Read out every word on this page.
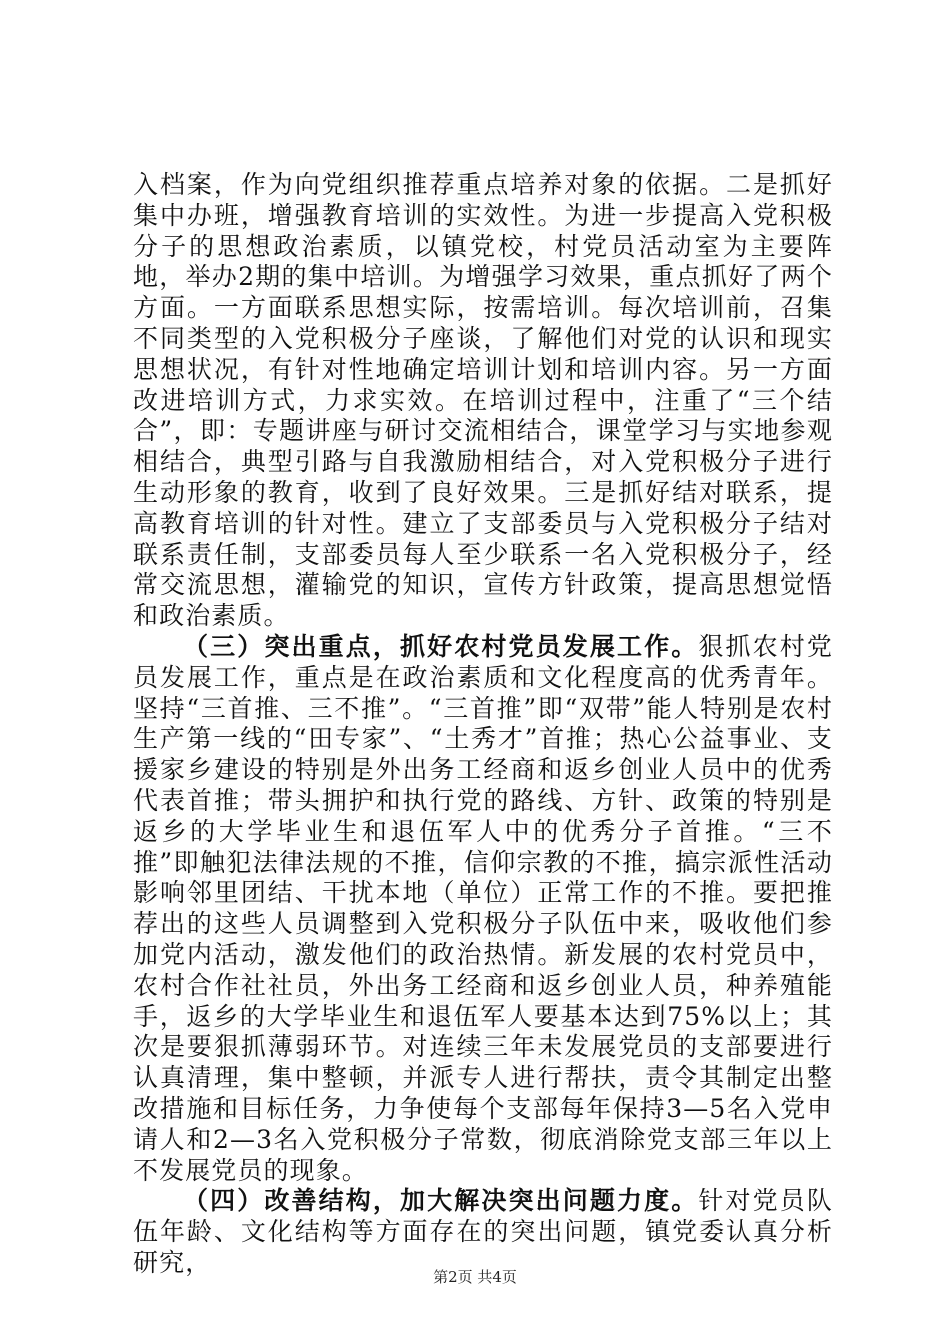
入档案，作为向党组织推荐重点培养对象的依据。二是抓好集中办班，增强教育培训的实效性。为进一步提高入党积极分子的思想政治素质，以镇党校，村党员活动室为主要阵地，举办2期的集中培训。为增强学习效果，重点抓好了两个方面。一方面联系思想实际，按需培训。每次培训前，召集不同类型的入党积极分子座谈，了解他们对党的认识和现实思想状况，有针对性地确定培训计划和培训内容。另一方面改进培训方式，力求实效。在培训过程中，注重了“三个结合”，即：专题讲座与研讨交流相结合，课堂学习与实地参观相结合，典型引路与自我激励相结合，对入党积极分子进行生动形象的教育，收到了良好效果。三是抓好结对联系，提高教育培训的针对性。建立了支部委员与入党积极分子结对联系责任制，支部委员每人至少联系一名入党积极分子，经常交流思想，灌输党的知识，宣传方针政策，提高思想觉悟和政治素质。

（三）突出重点，抓好农村党员发展工作。狠抓农村党员发展工作，重点是在政治素质和文化程度高的优秀青年。坚持“三首推、三不推”。“三首推”即“双带”能人特别是农村生产第一线的“田专家”、“土秀才”首推；热心公益事业、支援家乡建设的特别是外出务工经商和返乡创业人员中的优秀代表首推；带头拥护和执行党的路线、方针、政策的特别是返乡的大学毕业生和退伍军人中的优秀分子首推。“三不推”即触犯法律法规的不推，信仰宗教的不推，搞宗派性活动影响邻里团结、干扰本地（单位）正常工作的不推。要把推荐出的这些人员调整到入党积极分子队伍中来，吸收他们参加党内活动，激发他们的政治热情。新发展的农村党员中，农村合作社社员，外出务工经商和返乡创业人员，种养殖能手，返乡的大学毕业生和退伍军人要基本达到75%以上；其次是要狠抓薄弱环节。对连续三年未发展党员的支部要进行认真清理，集中整顿，并派专人进行帮扶，责令其制定出整改措施和目标任务，力争使每个支部每年保持3—5名入党申请人和2—3名入党积极分子常数，彻底消除党支部三年以上不发展党员的现象。

（四）改善结构，加大解决突出问题力度。针对党员队伍年龄、文化结构等方面存在的突出问题，镇党委认真分析研究，

第2页 共4页
